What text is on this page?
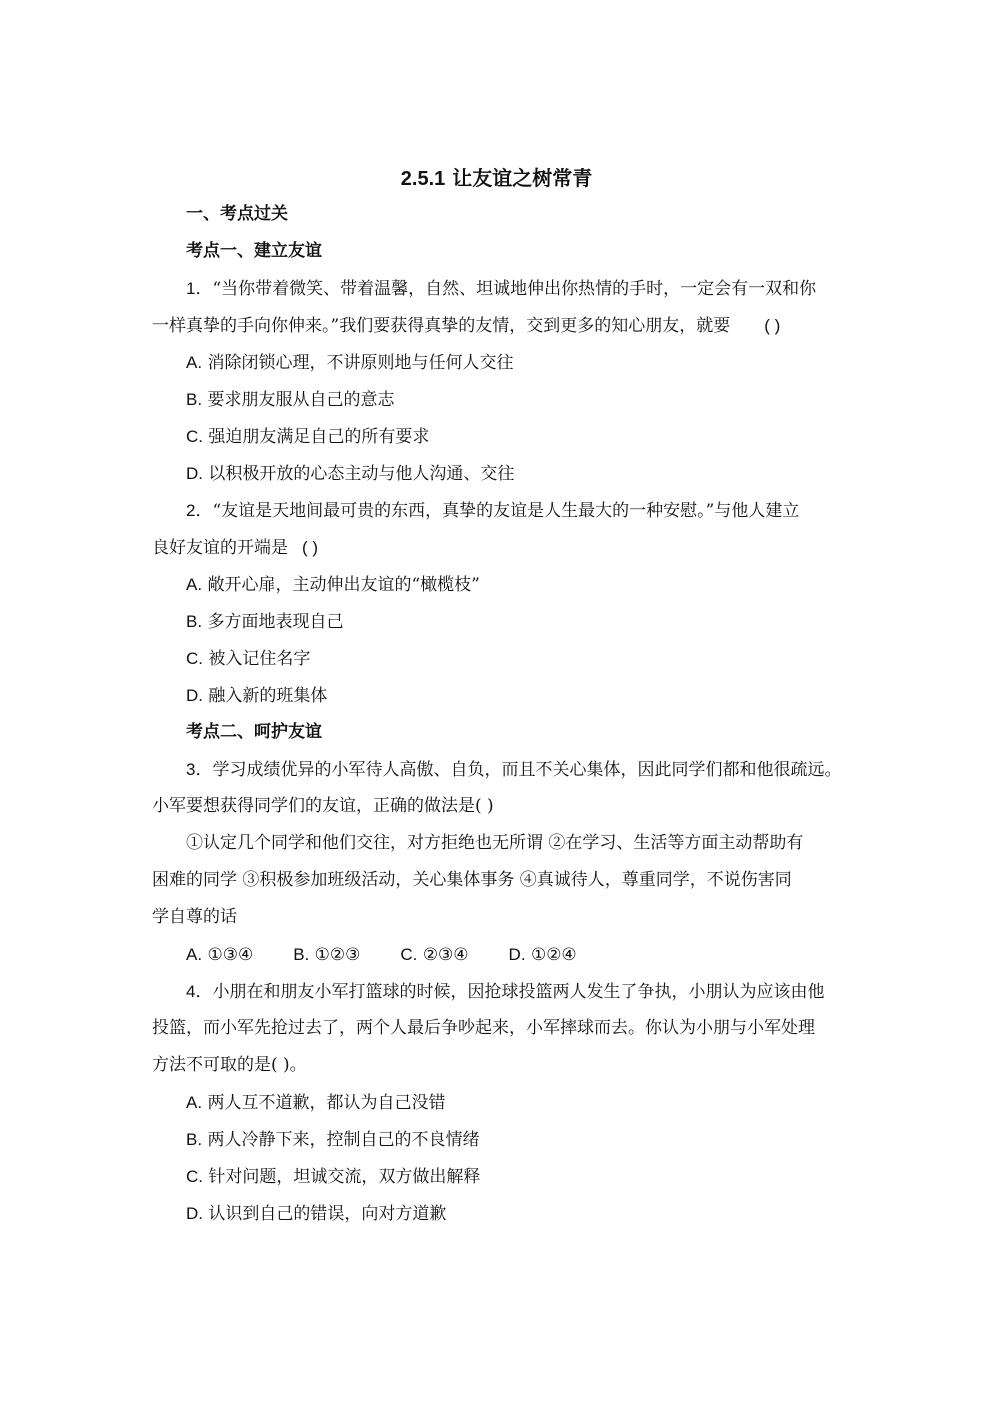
2.5.1 让友谊之树常青
一、考点过关
考点一、建立友谊
1．“当你带着微笑、带着温馨，自然、坦诚地伸出你热情的手时，一定会有一双和你
一样真挚的手向你伸来。”我们要获得真挚的友情，交到更多的知心朋友，就要 ( )
A. 消除闭锁心理，不讲原则地与任何人交往
B. 要求朋友服从自己的意志
C. 强迫朋友满足自己的所有要求
D. 以积极开放的心态主动与他人沟通、交往
2．“友谊是天地间最可贵的东西，真挚的友谊是人生最大的一种安慰。”与他人建立
良好友谊的开端是 ( )
A. 敞开心扉，主动伸出友谊的“橄榄枝”
B. 多方面地表现自己
C. 被入记住名字
D. 融入新的班集体
考点二、呵护友谊
3．学习成绩优异的小军待人高傲、自负，而且不关心集体，因此同学们都和他很疏远。
小军要想获得同学们的友谊，正确的做法是( )
①认定几个同学和他们交往，对方拒绝也无所谓 ②在学习、生活等方面主动帮助有
困难的同学 ③积极参加班级活动，关心集体事务 ④真诚待人，尊重同学，不说伤害同
学自尊的话
A. ①③④ B. ①②③ C. ②③④ D. ①②④
4．小朋在和朋友小军打篮球的时候，因抢球投篮两人发生了争执，小朋认为应该由他
投篮，而小军先抢过去了，两个人最后争吵起来，小军摔球而去。你认为小朋与小军处理
方法不可取的是( )。
A. 两人互不道歉，都认为自己没错
B. 两人冷静下来，控制自己的不良情绪
C. 针对问题，坦诚交流，双方做出解释
D. 认识到自己的错误，向对方道歉
